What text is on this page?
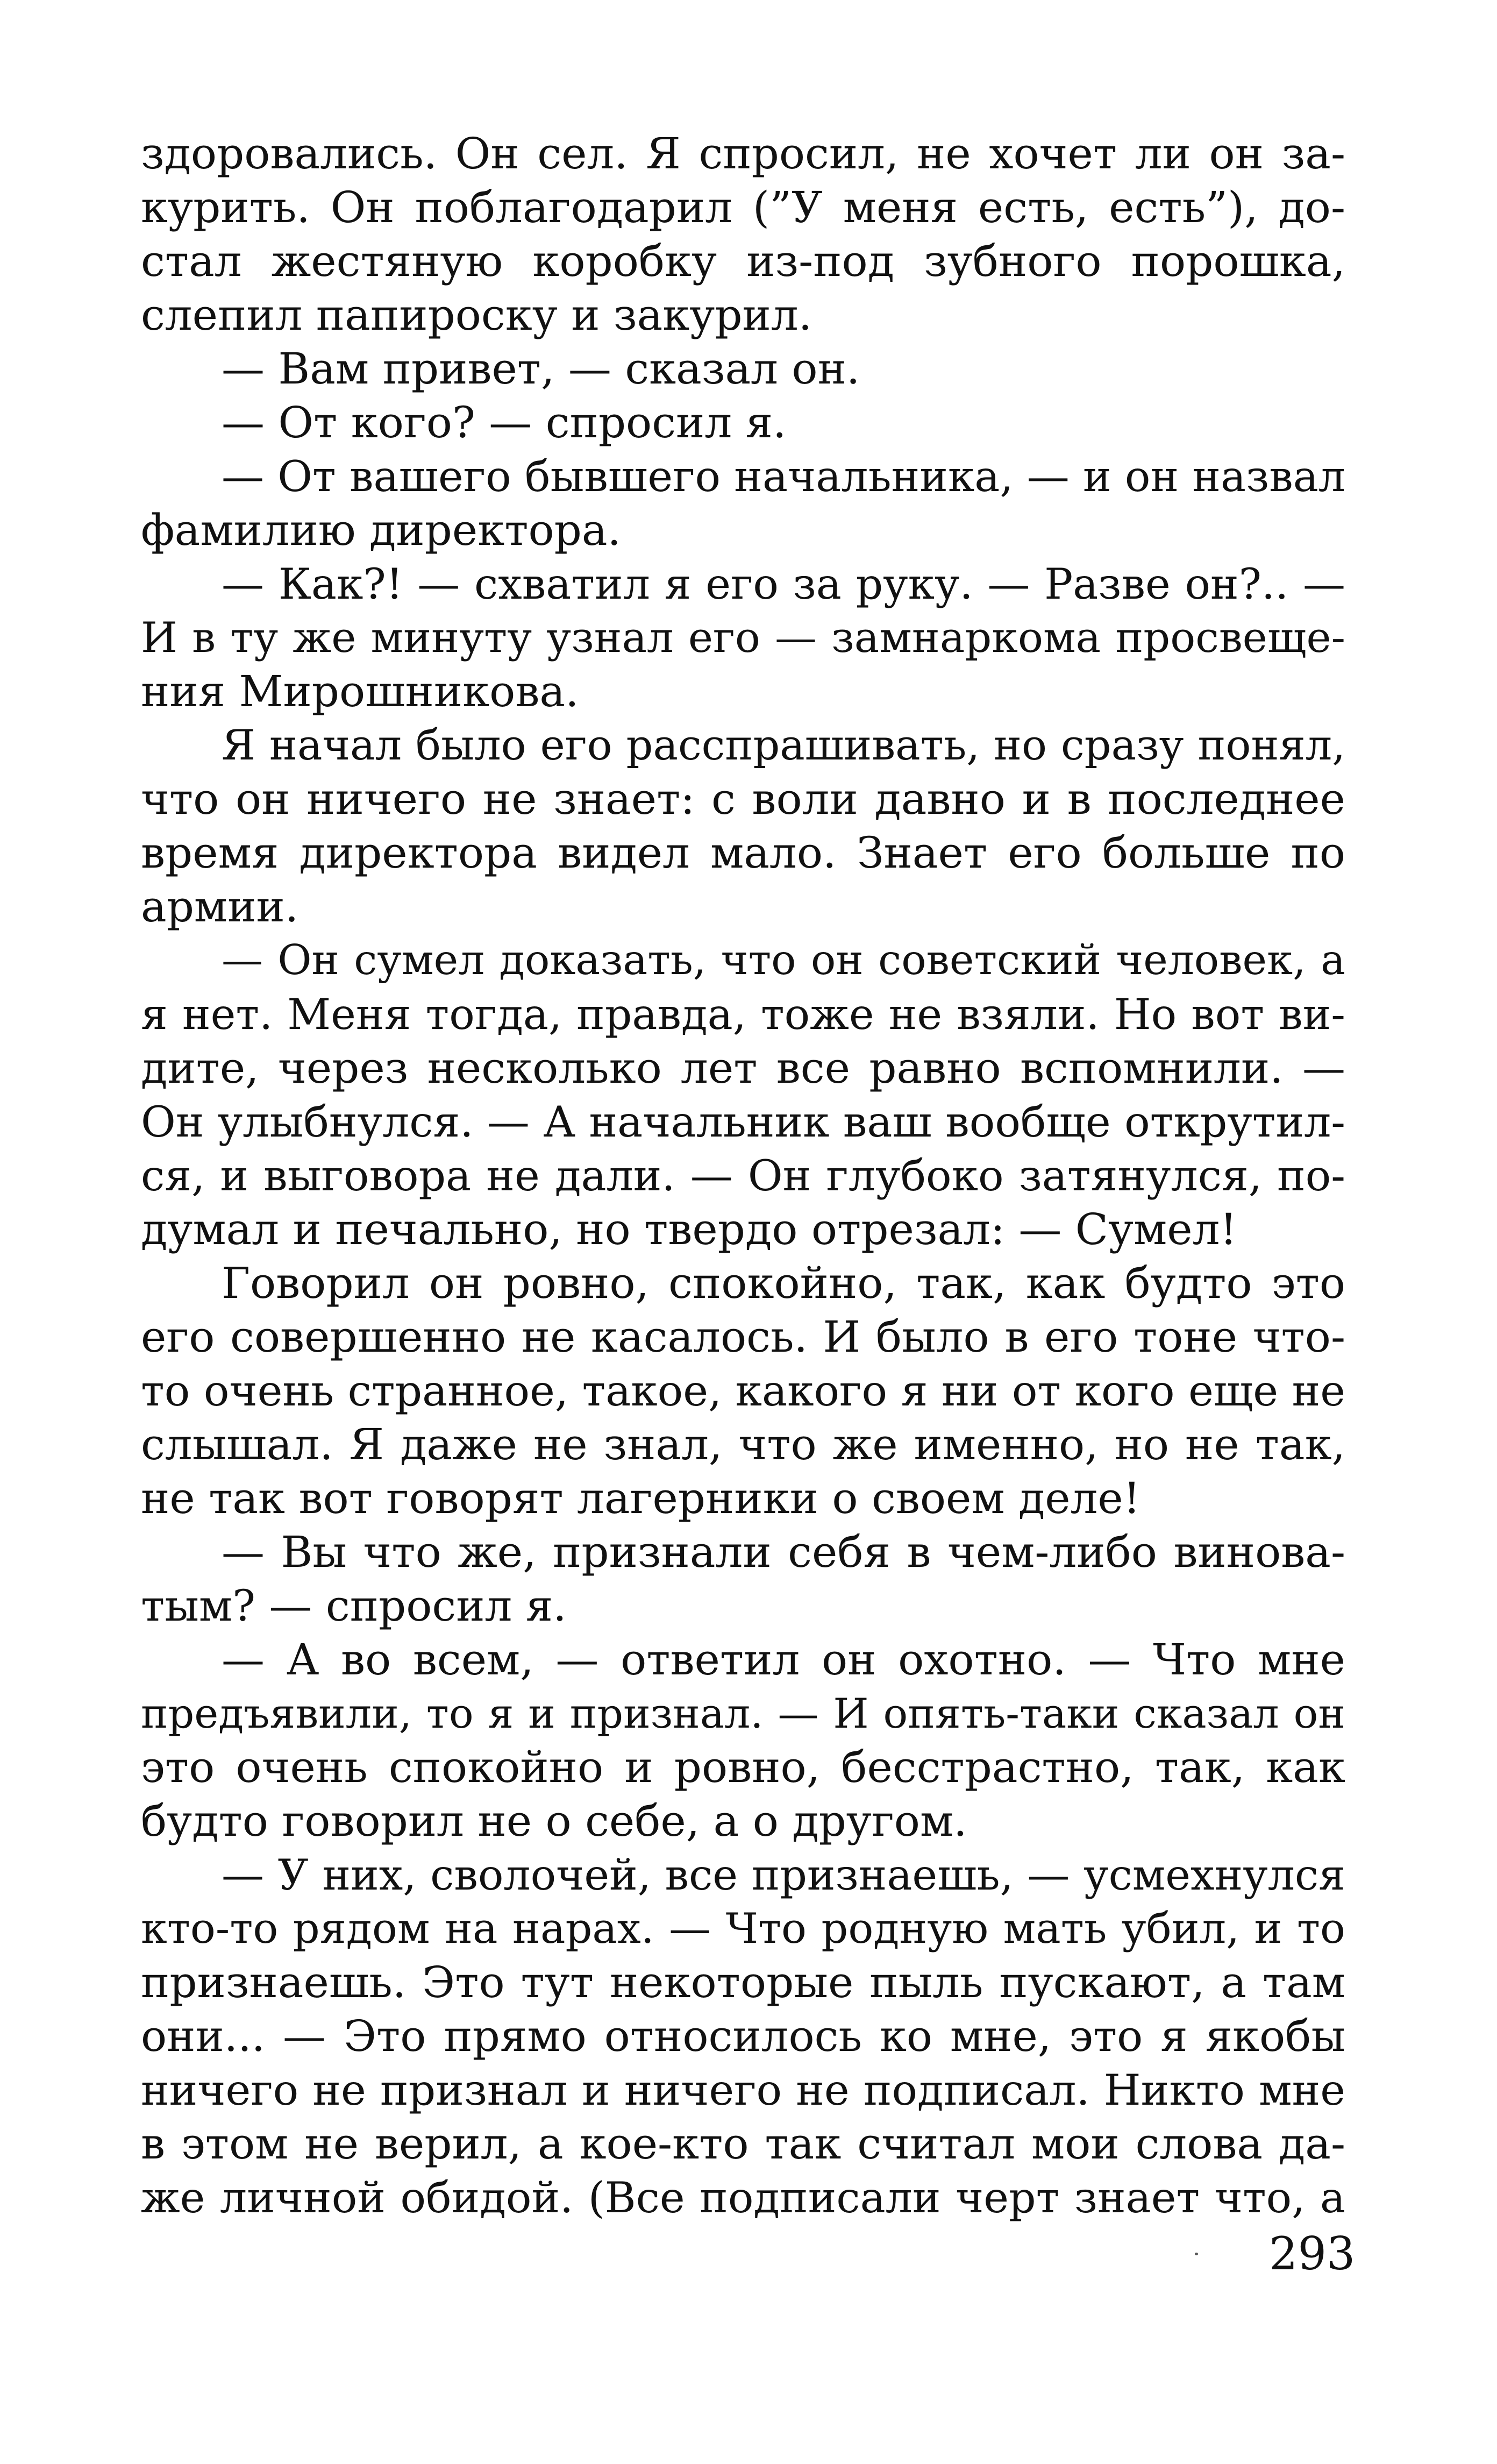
здоровались. Он сел. Я спросил, не хочет ли он за-
курить. Он поблагодарил (”У меня есть, есть”), до-
стал жестяную коробку из-под зубного порошка,
слепил папироску и закурил.
— Вам привет, — сказал он.
— От кого? — спросил я.
— От вашего бывшего начальника, — и он назвал
фамилию директора.
— Как?! — схватил я его за руку. — Разве он?.. —
И в ту же минуту узнал его — замнаркома просвеще-
ния Мирошникова.
Я начал было его расспрашивать, но сразу понял,
что он ничего не знает: с воли давно и в последнее
время директора видел мало. Знает его больше по
армии.
— Он сумел доказать, что он советский человек, а
я нет. Меня тогда, правда, тоже не взяли. Но вот ви-
дите, через несколько лет все равно вспомнили. —
Он улыбнулся. — А начальник ваш вообще открутил-
ся, и выговора не дали. — Он глубоко затянулся, по-
думал и печально, но твердо отрезал: — Сумел!
Говорил он ровно, спокойно, так, как будто это
его совершенно не касалось. И было в его тоне что-
то очень странное, такое, какого я ни от кого еще не
слышал. Я даже не знал, что же именно, но не так,
не так вот говорят лагерники о своем деле!
— Вы что же, признали себя в чем-либо винова-
тым? — спросил я.
— А во всем, — ответил он охотно. — Что мне
предъявили, то я и признал. — И опять-таки сказал он
это очень спокойно и ровно, бесстрастно, так, как
будто говорил не о себе, а о другом.
— У них, сволочей, все признаешь, — усмехнулся
кто-то рядом на нарах. — Что родную мать убил, и то
признаешь. Это тут некоторые пыль пускают, а там
они... — Это прямо относилось ко мне, это я якобы
ничего не признал и ничего не подписал. Никто мне
в этом не верил, а кое-кто так считал мои слова да-
же личной обидой. (Все подписали черт знает что, а
293
